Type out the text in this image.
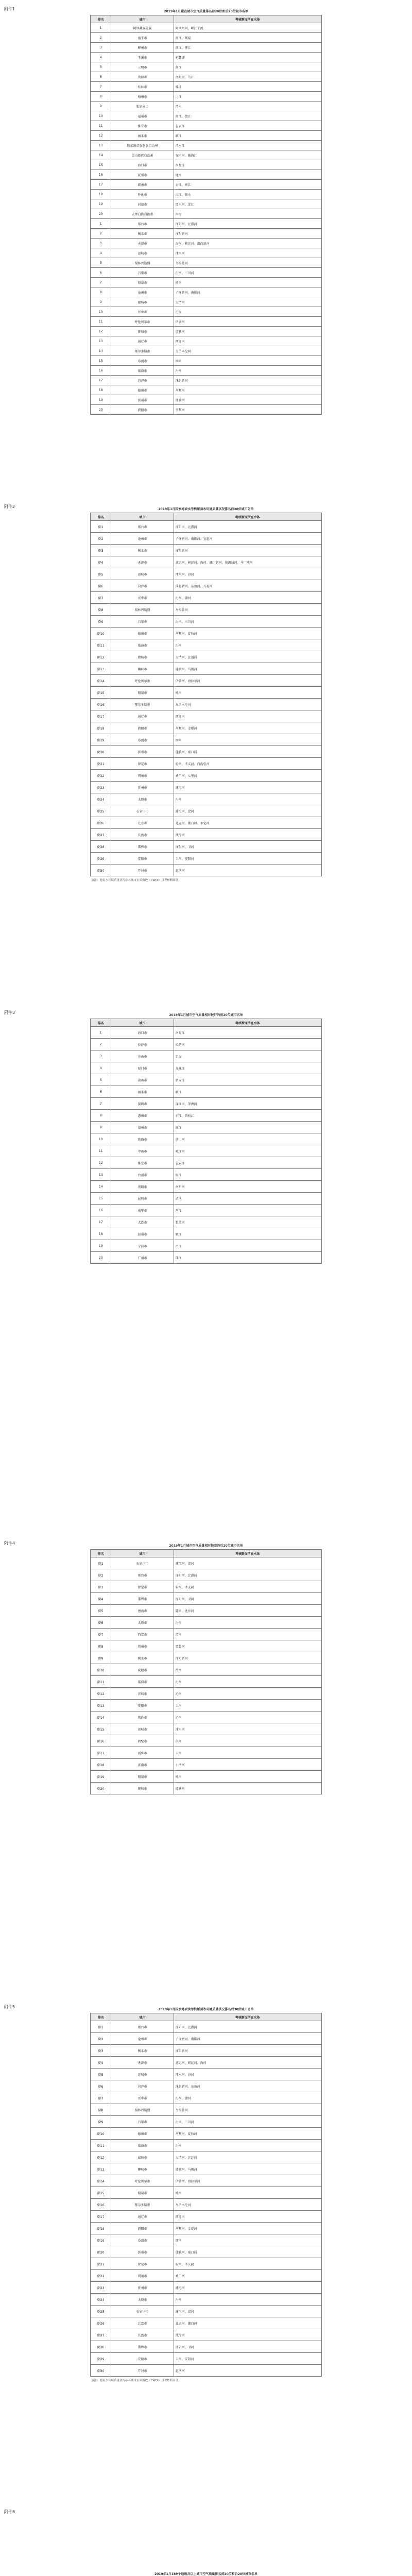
附件1
2019年1月重点城市空气质量排名前20位和后20位城市名单
排名	城市	考核断面所在水体
1	阿坝藏族羌族	阿坝州河、岷江干流
2	南平市	闽江、鹰厦
3	柳州市	西江、柳江
4	玉溪市	杞麓湖
5	三明市	闽江
6	贵阳市	南明河、乌江
7	桂林市	桂江
8	梧州市	浔江
9	张家界市	澧水
10	福州市	闽江、敖江
11	雅安市	青衣江
12	丽水市	瓯江
13	黔东南苗族侗族自治州	清水江
14	凉山彝族自治州	安宁河、雅砻江
15	海口市	南渡江
16	抚州市	抚河
17	赣州市	贡江、章江
18	怀化市	沅江、舞水
19	河池市	红水河、龙江
20	大理白族自治州	洱海
1	邢台市	滏阳河、北澧河
2	衡水市	滏阳新河
3	天津市	海河、蓟运河、潮白新河
4	运城市	涑水河
5	锡林郭勒盟	乌拉盖河
6	吕梁市	汾河、三川河
7	阳泉市	桃河
8	沧州市	子牙新河、南排河
9	廊坊市	大清河
10	晋中市	汾河
11	呼伦贝尔市	伊敏河
12	聊城市	徒骇河
13	通辽市	西辽河
14	鄂尔多斯市	乌兰木伦河
15	阜新市	细河
16	临汾市	汾河
17	菏泽市	洙赵新河
18	德州市	马颊河
19	滨州市	徒骇河
20	濮阳市	马颊河
附件2
2019年1月国家地表水考核断面水环境质量状况排名前30位城市名单
排名	城市	考核断面所在水体
倒1	邢台市	滏阳河、北澧河
倒2	沧州市	子牙新河、南排河、宣惠河
倒3	衡水市	滏阳新河
倒4	天津市	北运河、蓟运河、海河、潮白新河、独流减河、马厂减河
倒5	运城市	涑水河、汾河
倒6	菏泽市	洙赵新河、东鱼河、万福河
倒7	晋中市	汾河、潇河
倒8	锡林郭勒盟	乌拉盖河
倒9	吕梁市	汾河、三川河
倒10	德州市	马颊河、徒骇河
倒11	临汾市	汾河
倒12	廊坊市	大清河、北运河
倒13	聊城市	徒骇河、马颊河
倒14	呼伦贝尔市	伊敏河、海拉尔河
倒15	阳泉市	桃河
倒16	鄂尔多斯市	乌兰木伦河
倒17	通辽市	西辽河
倒18	濮阳市	马颊河、金堤河
倒19	阜新市	细河
倒20	滨州市	徒骇河、秦口河
倒21	保定市	府河、孝义河、白沟引河
倒22	朔州市	桑干河、七里河
倒23	忻州市	滹沱河
倒24	太原市	汾河
倒25	石家庄市	滹沱河、洨河
倒26	北京市	北运河、潮白河、永定河
倒27	长治市	浊漳河
倒28	邯郸市	滏阳河、卫河
倒29	安阳市	卫河、安阳河
倒30	开封市	惠济河
备注：地表水环境质量状况排名城市水质指数（CWQI）以考核断面计。
附件3
2019年1月城市空气质量相对较好的前20位城市名单
排名	城市	考核断面所在水体
1	海口市	南渡江
2	拉萨市	拉萨河
3	舟山市	定海
4	厦门市	九龙江
5	黄山市	新安江
6	丽水市	瓯江
7	深圳市	深圳河、茅洲河
8	惠州市	东江、西枝江
9	福州市	闽江
10	珠海市	前山河
11	中山市	岐江河
12	雅安市	青衣江
13	台州市	椒江
14	贵阳市	南明河
15	昆明市	滇池
16	南宁市	邕江
17	大连市	碧流河
18	温州市	瓯江
19	宁波市	甬江
20	广州市	珠江
附件4
2019年1月城市空气质量相对较差的后20位城市名单
排名	城市	考核断面所在水体
倒1	石家庄市	滹沱河、洨河
倒2	邢台市	滏阳河、北澧河
倒3	保定市	府河、孝义河
倒4	邯郸市	滏阳河、卫河
倒5	唐山市	陡河、还乡河
倒6	太原市	汾河
倒7	西安市	渭河
倒8	郑州市	贾鲁河
倒9	衡水市	滏阳新河
倒10	咸阳市	渭河
倒11	临汾市	汾河
倒12	晋城市	沁河
倒13	安阳市	卫河
倒14	焦作市	沁河
倒15	运城市	涑水河
倒16	鹤壁市	淇河
倒17	新乡市	卫河
倒18	济南市	小清河
倒19	阳泉市	桃河
倒20	聊城市	徒骇河
附件5
2019年1月国家地表水考核断面水环境质量状况排名后30位城市名单
排名	城市	考核断面所在水体
倒1	邢台市	滏阳河、北澧河
倒2	沧州市	子牙新河、南排河
倒3	衡水市	滏阳新河
倒4	天津市	北运河、蓟运河、海河
倒5	运城市	涑水河、汾河
倒6	菏泽市	洙赵新河、东鱼河
倒7	晋中市	汾河、潇河
倒8	锡林郭勒盟	乌拉盖河
倒9	吕梁市	汾河、三川河
倒10	德州市	马颊河、徒骇河
倒11	临汾市	汾河
倒12	廊坊市	大清河、北运河
倒13	聊城市	徒骇河、马颊河
倒14	呼伦贝尔市	伊敏河、海拉尔河
倒15	阳泉市	桃河
倒16	鄂尔多斯市	乌兰木伦河
倒17	通辽市	西辽河
倒18	濮阳市	马颊河、金堤河
倒19	阜新市	细河
倒20	滨州市	徒骇河、秦口河
倒21	保定市	府河、孝义河
倒22	朔州市	桑干河
倒23	忻州市	滹沱河
倒24	太原市	汾河
倒25	石家庄市	滹沱河、洨河
倒26	北京市	北运河、潮白河
倒27	长治市	浊漳河
倒28	邯郸市	滏阳河、卫河
倒29	安阳市	卫河、安阳河
倒30	开封市	惠济河
备注：地表水环境质量状况排名城市水质指数（CWQI）以考核断面计。
附件6
2019年1月169个地级及以上城市空气质量排名前20位和后20位城市名单
